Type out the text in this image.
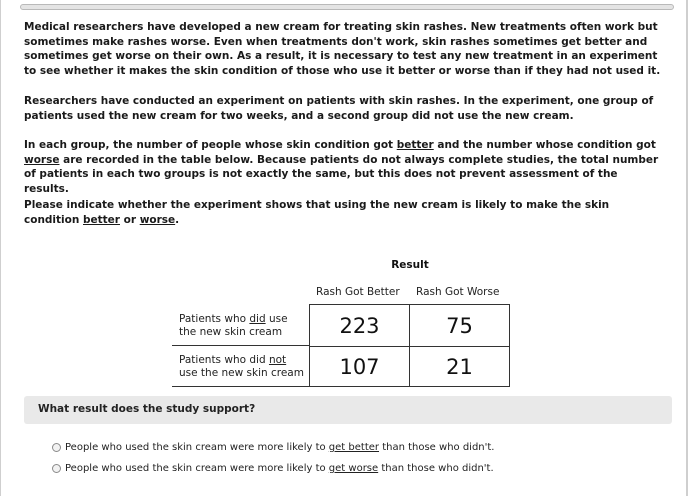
Medical researchers have developed a new cream for treating skin rashes. New treatments often work but sometimes make rashes worse. Even when treatments don't work, skin rashes sometimes get better and sometimes get worse on their own. As a result, it is necessary to test any new treatment in an experiment to see whether it makes the skin condition of those who use it better or worse than if they had not used it.
Researchers have conducted an experiment on patients with skin rashes. In the experiment, one group of patients used the new cream for two weeks, and a second group did not use the new cream.
In each group, the number of people whose skin condition got better and the number whose condition got worse are recorded in the table below. Because patients do not always complete studies, the total number of patients in each two groups is not exactly the same, but this does not prevent assessment of the results.
Please indicate whether the experiment shows that using the new cream is likely to make the skin condition better or worse.
Result
Rash Got Better Rash Got Worse
Patients who did use
the new skin cream
Patients who did not
use the new skin cream
223	75
107	21
What result does the study support?
People who used the skin cream were more likely to get better than those who didn't.
People who used the skin cream were more likely to get worse than those who didn't.
